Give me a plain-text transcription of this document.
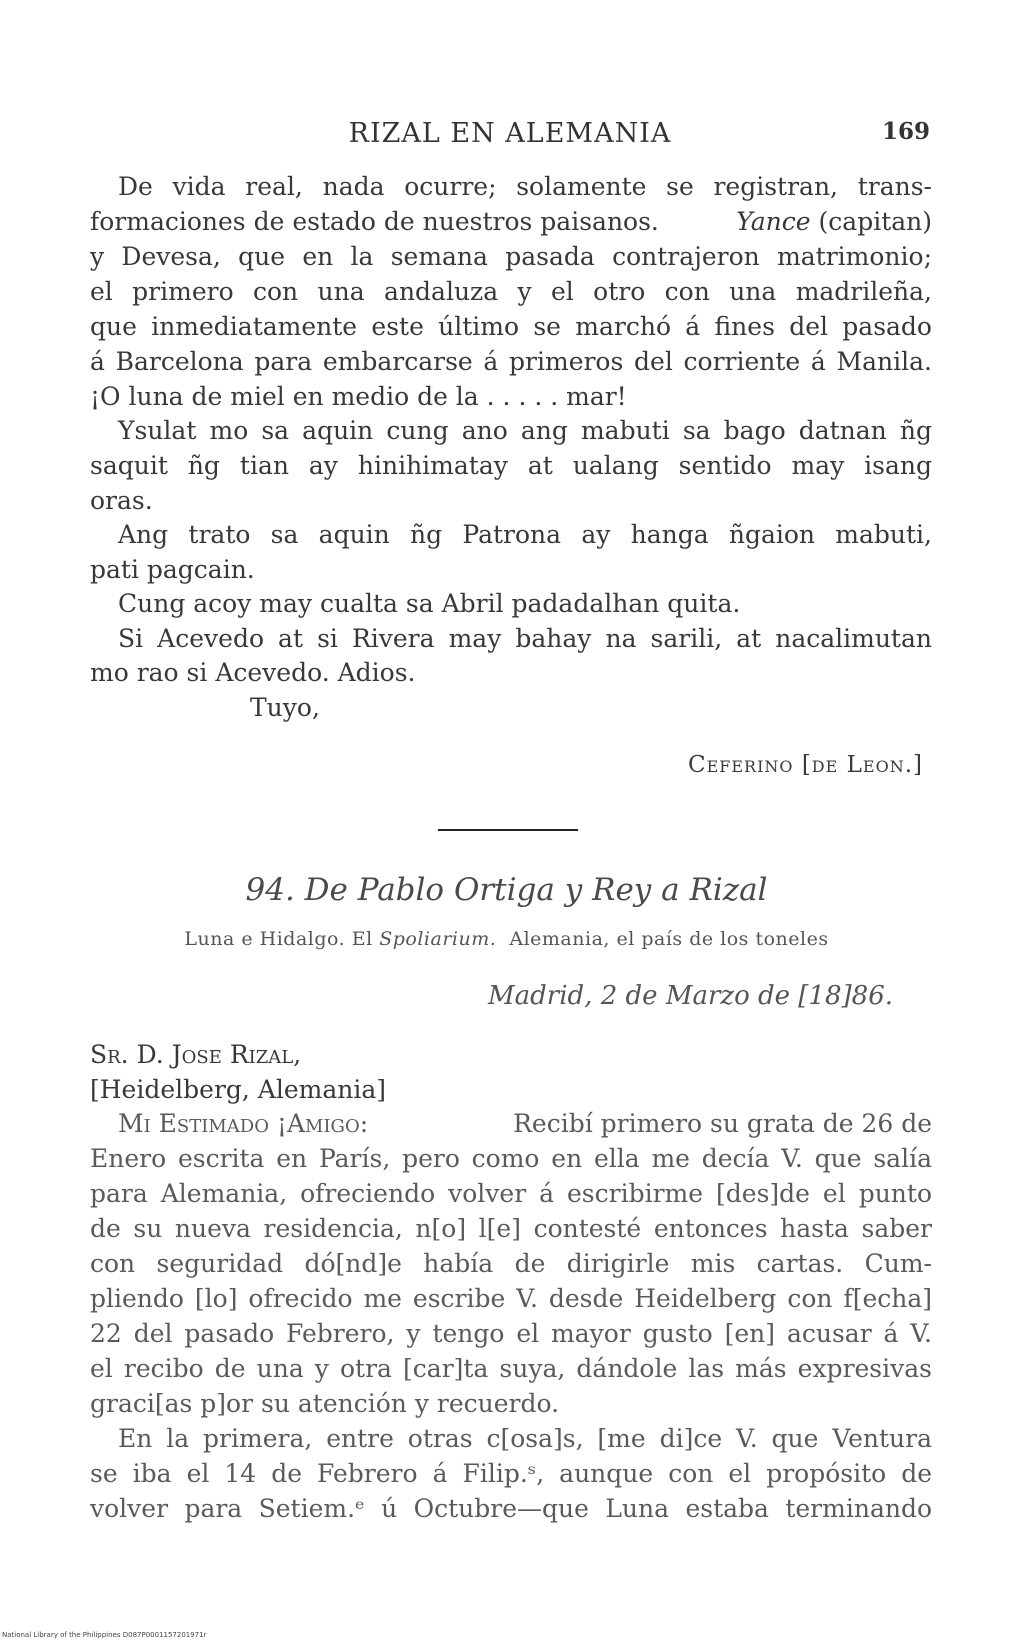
RIZAL EN ALEMANIA	169
De vida real, nada ocurre; solamente se registran, trans-
formaciones de estado de nuestros paisanos.	Yance (capitan)
y Devesa, que en la semana pasada contrajeron matrimonio;
el primero con una andaluza y el otro con una madrileña,
que inmediatamente este último se marchó á fines del pasado
á Barcelona para embarcarse á primeros del corriente á Manila.
¡O luna de miel en medio de la . . . . . mar!
Ysulat mo sa aquin cung ano ang mabuti sa bago datnan ñg
saquit ñg tian ay hinihimatay at ualang sentido may isang
oras.
Ang trato sa aquin ñg Patrona ay hanga ñgaion mabuti,
pati pagcain.
Cung acoy may cualta sa Abril padadalhan quita.
Si Acevedo at si Rivera may bahay na sarili, at nacalimutan
mo rao si Acevedo. Adios.
Tuyo,
Ceferino [de Leon.]
94. De Pablo Ortiga y Rey a Rizal
Luna e Hidalgo. El Spoliarium. Alemania, el país de los toneles
Madrid, 2 de Marzo de [18]86.
Sr. D. Jose Rizal,
[Heidelberg, Alemania]
Mi Estimado ¡Amigo:	Recibí primero su grata de 26 de
Enero escrita en París, pero como en ella me decía V. que salía
para Alemania, ofreciendo volver á escribirme [des]de el punto
de su nueva residencia, n[o] l[e] contesté entonces hasta saber
con seguridad dó[nd]e había de dirigirle mis cartas. Cum-
pliendo [lo] ofrecido me escribe V. desde Heidelberg con f[echa]
22 del pasado Febrero, y tengo el mayor gusto [en] acusar á V.
el recibo de una y otra [car]ta suya, dándole las más expresivas
graci[as p]or su atención y recuerdo.
En la primera, entre otras c[osa]s, [me di]ce V. que Ventura
se iba el 14 de Febrero á Filip.ˢ, aunque con el propósito de
volver para Setiem.ᵉ ú Octubre—que Luna estaba terminando
National Library of the Philippines D087P0001157201971r
